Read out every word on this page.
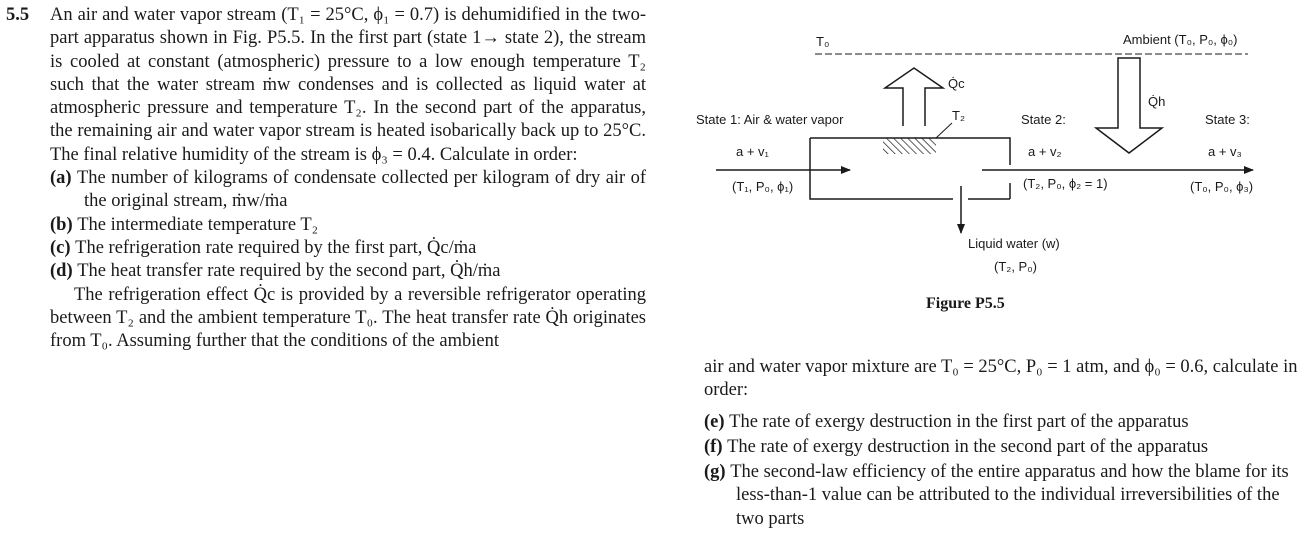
5.5 An air and water vapor stream (T₁ = 25°C, ϕ₁ = 0.7) is dehumidified in the two-part apparatus shown in Fig. P5.5. In the first part (state 1→ state 2), the stream is cooled at constant (atmospheric) pressure to a low enough temperature T₂ such that the water stream ṁw condenses and is collected as liquid water at atmospheric pressure and temperature T₂. In the second part of the apparatus, the remaining air and water vapor stream is heated isobarically back up to 25°C. The final relative humidity of the stream is ϕ₃ = 0.4. Calculate in order:

(a) The number of kilograms of condensate collected per kilogram of dry air of the original stream, ṁw/ṁa
(b) The intermediate temperature T₂
(c) The refrigeration rate required by the first part, Q̇c/ṁa
(d) The heat transfer rate required by the second part, Q̇h/ṁa

The refrigeration effect Q̇c is provided by a reversible refrigerator operating between T₂ and the ambient temperature T₀. The heat transfer rate Q̇h originates from T₀. Assuming further that the conditions of the ambient

T₀	Ambient (T₀, P₀, ϕ₀)
Q̇c
T₂
State 1: Air & water vapor
a + v₁
(T₁, P₀, ϕ₁)
State 2:
a + v₂
(T₂, P₀, ϕ₂ = 1)
State 3:
a + v₃
(T₀, P₀, ϕ₃)
Liquid water (w)
(T₂, P₀)
Q̇h
Figure P5.5

air and water vapor mixture are T₀ = 25°C, P₀ = 1 atm, and ϕ₀ = 0.6, calculate in order:

(e) The rate of exergy destruction in the first part of the apparatus
(f) The rate of exergy destruction in the second part of the apparatus
(g) The second-law efficiency of the entire apparatus and how the blame for its less-than-1 value can be attributed to the individual irreversibilities of the two parts
